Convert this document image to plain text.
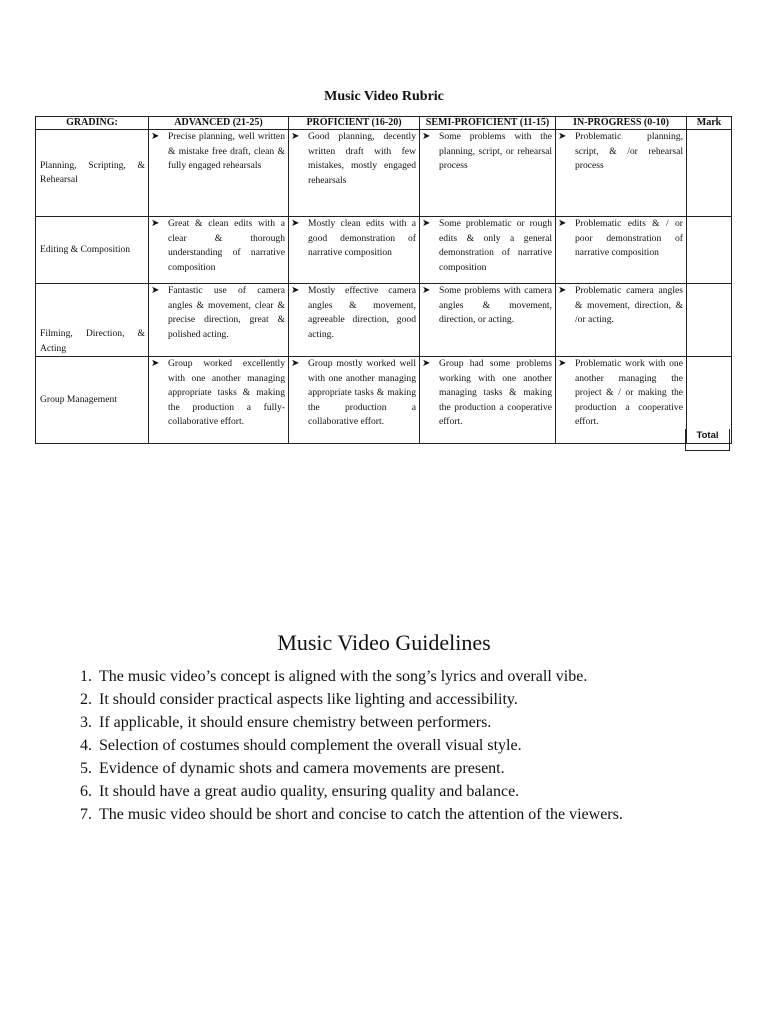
Music Video Rubric
GRADING:	ADVANCED (21-25)	PROFICIENT (16-20)	SEMI-PROFICIENT (11-15)	IN-PROGRESS (0-10)	Mark
Planning, Scripting, & Rehearsal	➤ Precise planning, well written & mistake free draft, clean & fully engaged rehearsals	➤ Good planning, decently written draft with few mistakes, mostly engaged rehearsals	➤ Some problems with the planning, script, or rehearsal process	➤ Problematic planning, script, & /or rehearsal process	

Editing & Composition	➤ Great & clean edits with a clear & thorough understanding of narrative composition	➤ Mostly clean edits with a good demonstration of narrative composition	➤ Some problematic or rough edits & only a general demonstration of narrative composition	➤ Problematic edits & / or poor demonstration of narrative composition	

Filming, Direction, & Acting	➤ Fantastic use of camera angles & movement, clear & precise direction, great & polished acting.	➤ Mostly effective camera angles & movement, agreeable direction, good acting.	➤ Some problems with camera angles & movement, direction, or acting.	➤ Problematic camera angles & movement, direction, & /or acting.	

Group Management	➤ Group worked excellently with one another managing appropriate tasks & making the production a fully-collaborative effort.	➤ Group mostly worked well with one another managing appropriate tasks & making the production a collaborative effort.	➤ Group had some problems working with one another managing tasks & making the production a cooperative effort.	➤ Problematic work with one another managing the project & / or making the production a cooperative effort.	

Total
Music Video Guidelines
1. The music video’s concept is aligned with the song’s lyrics and overall vibe.
2. It should consider practical aspects like lighting and accessibility.
3. If applicable, it should ensure chemistry between performers.
4. Selection of costumes should complement the overall visual style.
5. Evidence of dynamic shots and camera movements are present.
6. It should have a great audio quality, ensuring quality and balance.
7. The music video should be short and concise to catch the attention of the viewers.
